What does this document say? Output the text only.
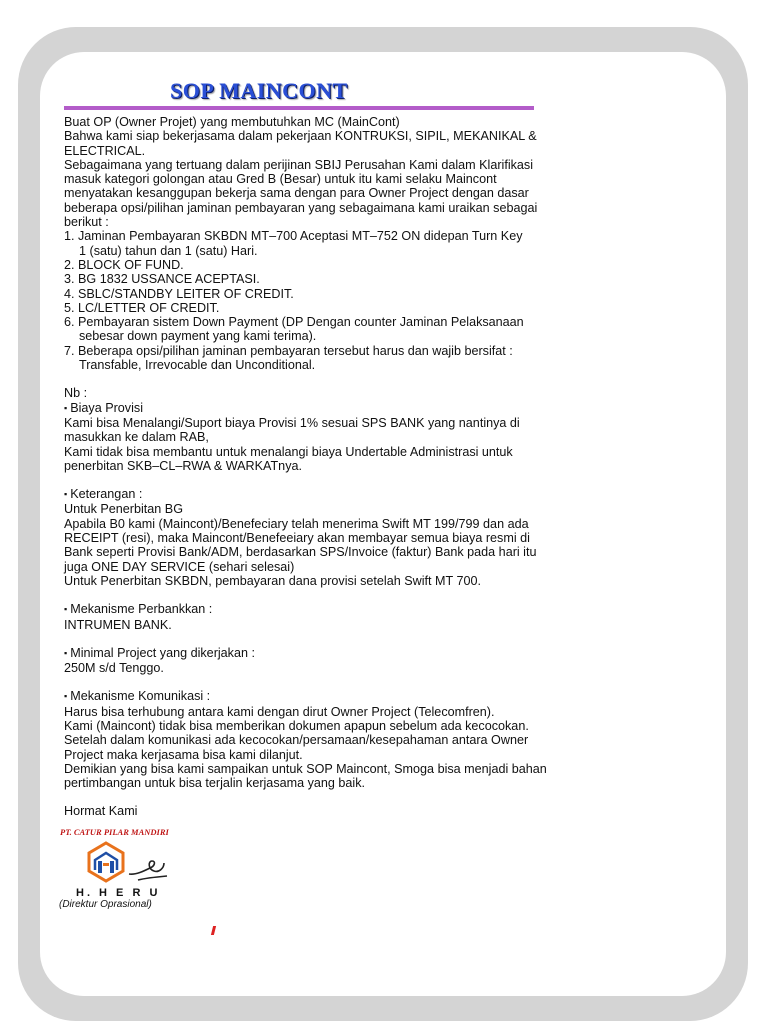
SOP MAINCONT

Buat OP (Owner Projet) yang membutuhkan MC (MainCont)

Bahwa kami siap bekerjasama dalam pekerjaan KONTRUKSI, SIPIL, MEKANIKAL &

ELECTRICAL.

Sebagaimana yang tertuang dalam perijinan SBIJ Perusahan Kami dalam Klarifikasi

masuk kategori golongan atau Gred B (Besar) untuk itu kami selaku Maincont

menyatakan kesanggupan bekerja sama dengan para Owner Project dengan dasar

beberapa opsi/pilihan jaminan pembayaran yang sebagaimana kami uraikan sebagai

berikut :

1. Jaminan Pembayaran SKBDN MT–700 Aceptasi MT–752 ON didepan Turn Key

1 (satu) tahun dan 1 (satu) Hari.

2. BLOCK OF FUND.

3. BG 1832 USSANCE ACEPTASI.

4. SBLC/STANDBY LEITER OF CREDIT.

5. LC/LETTER OF CREDIT.

6. Pembayaran sistem Down Payment (DP Dengan counter Jaminan Pelaksanaan

sebesar down payment yang kami terima).

7. Beberapa opsi/pilihan jaminan pembayaran tersebut harus dan wajib bersifat :

Transfable, Irrevocable dan Unconditional.

Nb :

▪ Biaya Provisi

Kami bisa Menalangi/Suport biaya Provisi 1% sesuai SPS BANK yang nantinya di

masukkan ke dalam RAB,

Kami tidak bisa membantu untuk menalangi biaya Undertable Administrasi untuk

penerbitan SKB–CL–RWA & WARKATnya.

▪ Keterangan :

Untuk Penerbitan BG

Apabila B0 kami (Maincont)/Benefeciary telah menerima Swift MT 199/799 dan ada

RECEIPT (resi), maka Maincont/Benefeeiary akan membayar semua biaya resmi di

Bank seperti Provisi Bank/ADM, berdasarkan SPS/Invoice (faktur) Bank pada hari itu

juga ONE DAY SERVICE (sehari selesai)

Untuk Penerbitan SKBDN, pembayaran dana provisi setelah Swift MT 700.

▪ Mekanisme Perbankkan :

INTRUMEN BANK.

▪ Minimal Project yang dikerjakan :

250M s/d Tenggo.

▪ Mekanisme Komunikasi :

Harus bisa terhubung antara kami dengan dirut Owner Project (Telecomfren).

Kami (Maincont) tidak bisa memberikan dokumen apapun sebelum ada kecocokan.

Setelah dalam komunikasi ada kecocokan/persamaan/kesepahaman antara Owner

Project maka kerjasama bisa kami dilanjut.

Demikian yang bisa kami sampaikan untuk SOP Maincont, Smoga bisa menjadi bahan

pertimbangan untuk bisa terjalin kerjasama yang baik.

Hormat Kami

PT. CATUR PILAR MANDIRI
H. H E R U
(Direktur Oprasional)
